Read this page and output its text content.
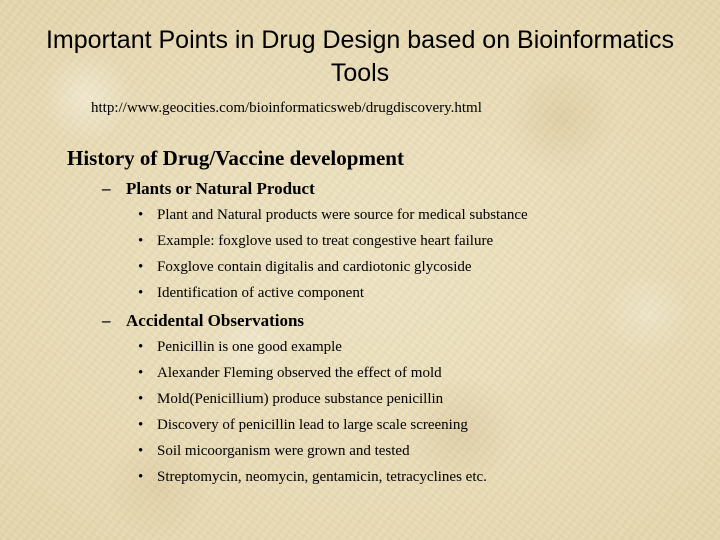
Important Points in Drug Design based on Bioinformatics Tools

http://www.geocities.com/bioinformaticsweb/drugdiscovery.html

History of Drug/Vaccine development
– Plants or Natural Product
• Plant and Natural products were source for medical substance
• Example: foxglove used to treat congestive heart failure
• Foxglove contain digitalis and cardiotonic glycoside
• Identification of active component
– Accidental Observations
• Penicillin is one good example
• Alexander Fleming observed the effect of mold
• Mold(Penicillium) produce substance penicillin
• Discovery of penicillin lead to large scale screening
• Soil micoorganism were grown and tested
• Streptomycin, neomycin, gentamicin, tetracyclines etc.
